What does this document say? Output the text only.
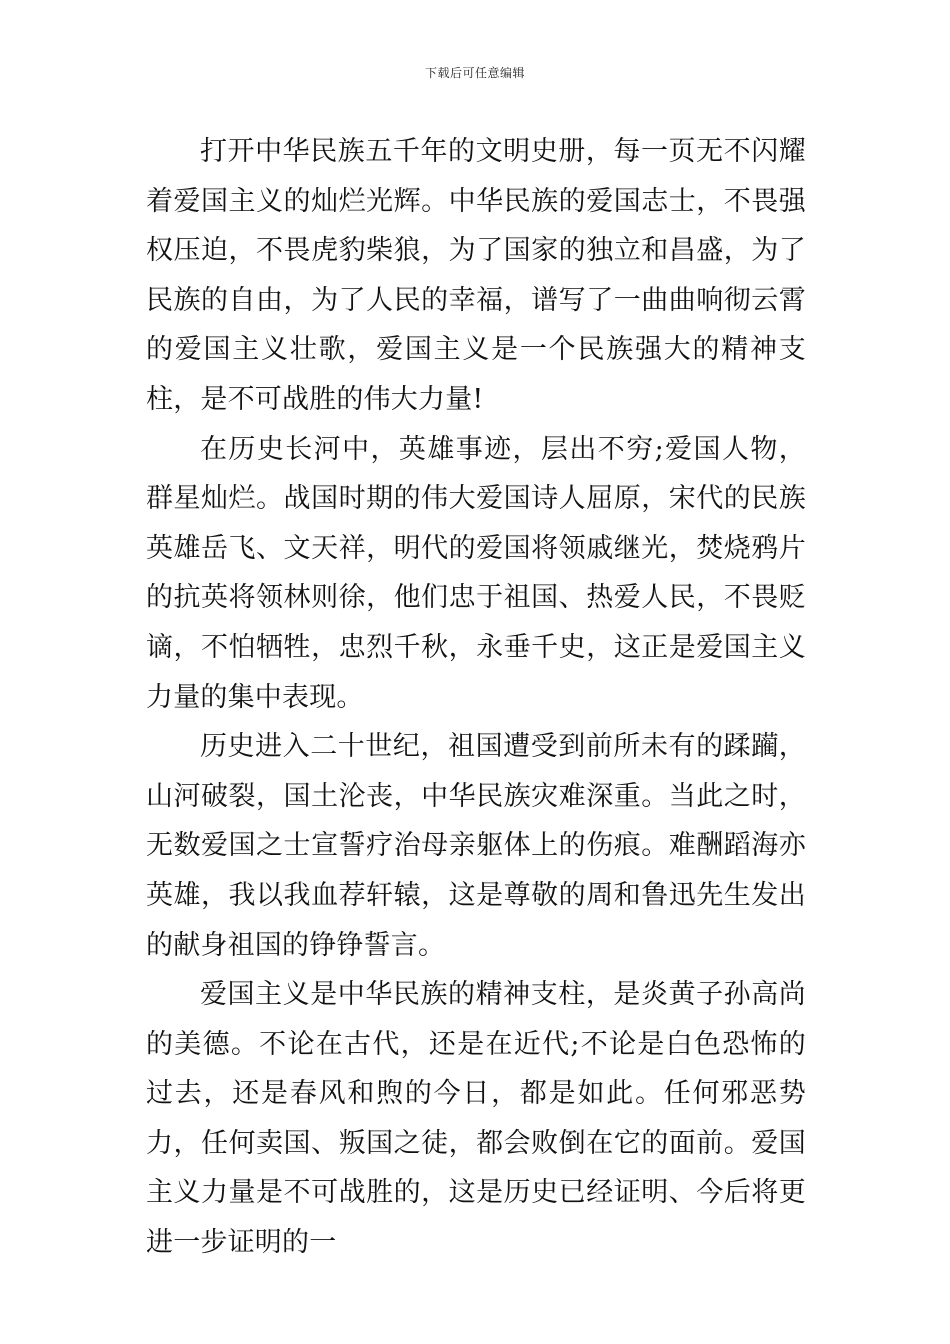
下载后可任意编辑

打开中华民族五千年的文明史册，每一页无不闪耀着爱国主义的灿烂光辉。中华民族的爱国志士，不畏强权压迫，不畏虎豹柴狼，为了国家的独立和昌盛，为了民族的自由，为了人民的幸福，谱写了一曲曲响彻云霄的爱国主义壮歌，爱国主义是一个民族强大的精神支柱，是不可战胜的伟大力量!

在历史长河中，英雄事迹，层出不穷;爱国人物，群星灿烂。战国时期的伟大爱国诗人屈原，宋代的民族英雄岳飞、文天祥，明代的爱国将领戚继光，焚烧鸦片的抗英将领林则徐，他们忠于祖国、热爱人民，不畏贬谪，不怕牺牲，忠烈千秋，永垂千史，这正是爱国主义力量的集中表现。

历史进入二十世纪，祖国遭受到前所未有的蹂躏，山河破裂，国土沦丧，中华民族灾难深重。当此之时，无数爱国之士宣誓疗治母亲躯体上的伤痕。难酬蹈海亦英雄，我以我血荐轩辕，这是尊敬的周和鲁迅先生发出的献身祖国的铮铮誓言。

爱国主义是中华民族的精神支柱，是炎黄子孙高尚的美德。不论在古代，还是在近代;不论是白色恐怖的过去，还是春风和煦的今日，都是如此。任何邪恶势力，任何卖国、叛国之徒，都会败倒在它的面前。爱国主义力量是不可战胜的，这是历史已经证明、今后将更进一步证明的一
